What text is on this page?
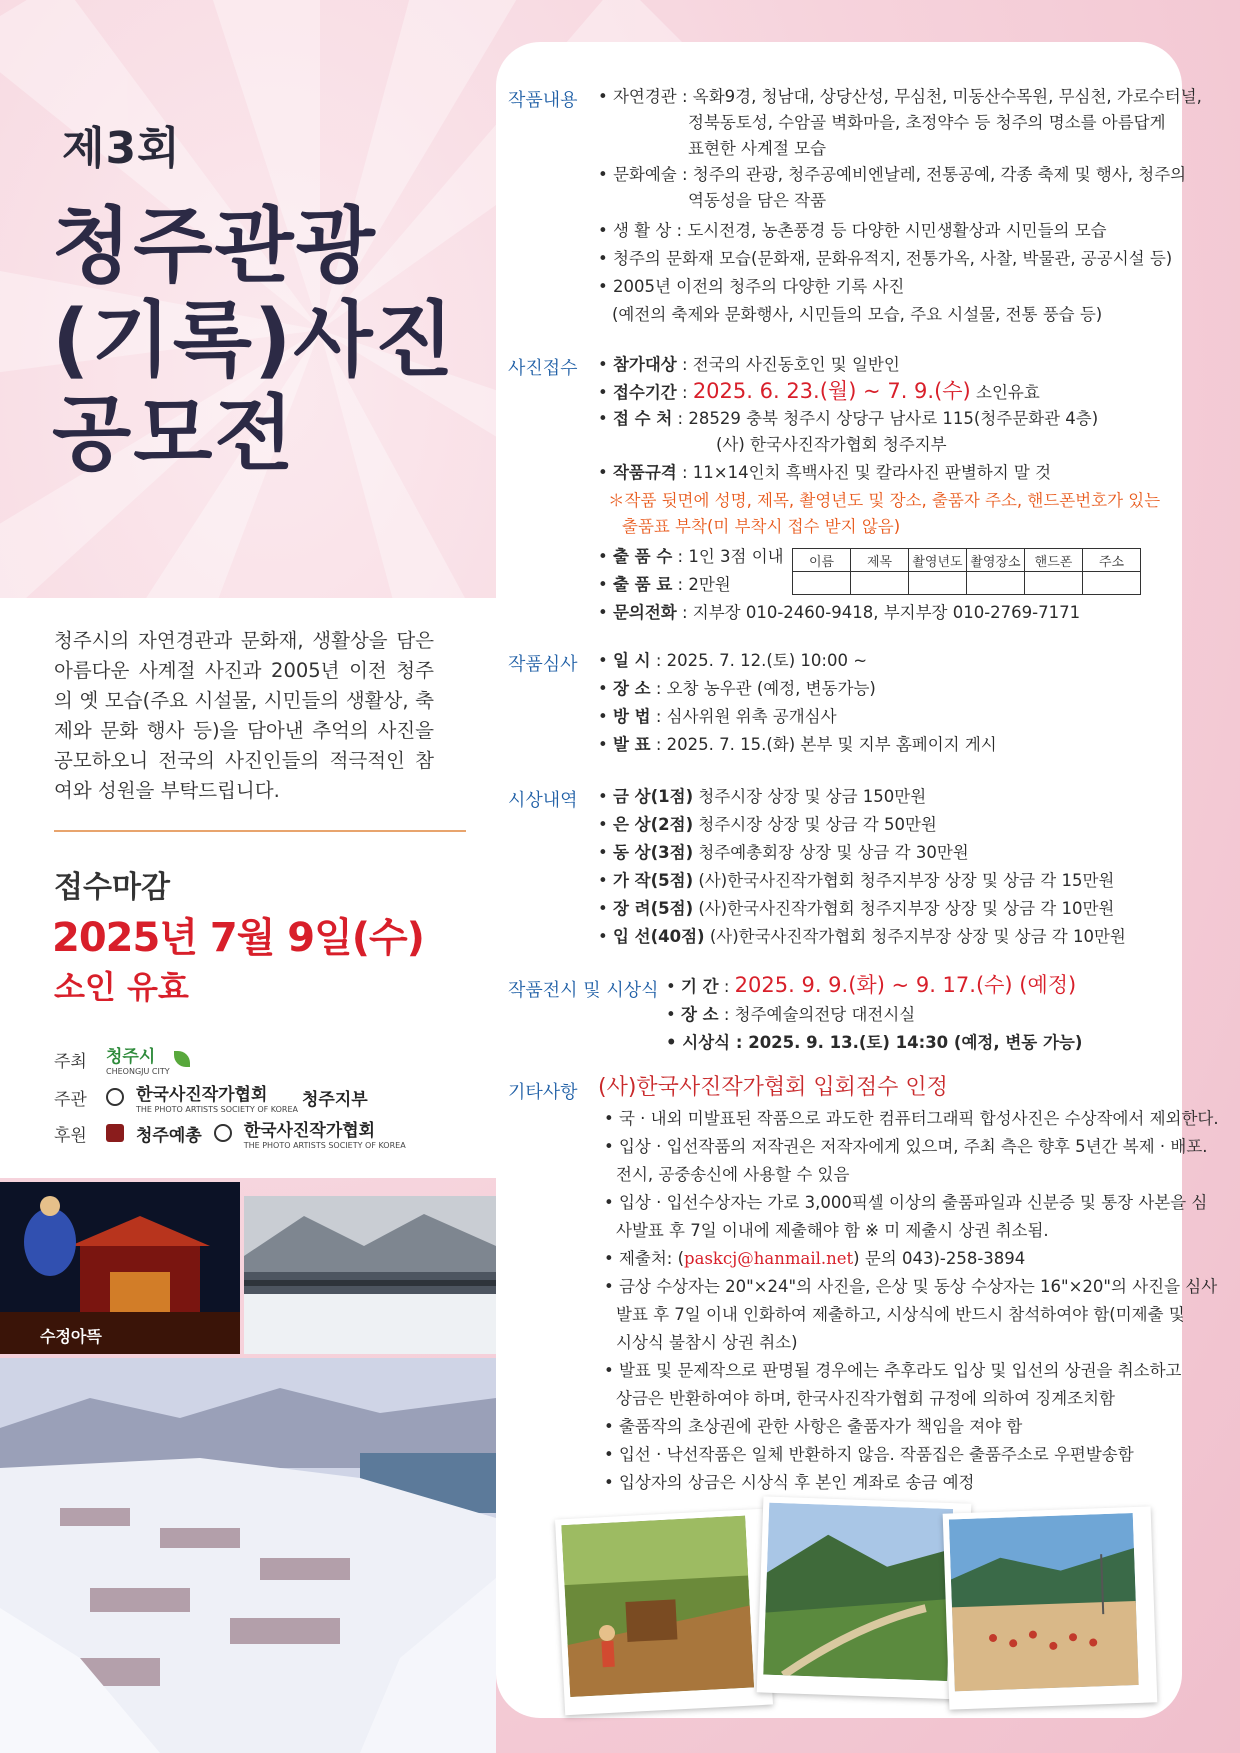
제3회
청주관광
(기록)사진
공모전
청주시의 자연경관과 문화재, 생활상을 담은 아름다운 사계절 사진과 2005년 이전 청주의 옛 모습(주요 시설물, 시민들의 생활상, 축제와 문화 행사 등)을 담아낸 추억의 사진을 공모하오니 전국의 사진인들의 적극적인 참여와 성원을 부탁드립니다.
접수마감
2025년 7월 9일(수)
소인 유효
주최	청주시
CHEONGJU CITY
주관	한국사진작가협회
THE PHOTO ARTISTS SOCIETY OF KOREA 청주지부
후원	청주예총 한국사진작가협회
THE PHOTO ARTISTS SOCIETY OF KOREA
수정아뜩
작품내용 • 자연경관 : 옥화9경, 청남대, 상당산성, 무심천, 미동산수목원, 무심천, 가로수터널,
정북동토성, 수암골 벽화마을, 초정약수 등 청주의 명소를 아름답게
표현한 사계절 모습
• 문화예술 : 청주의 관광, 청주공예비엔날레, 전통공예, 각종 축제 및 행사, 청주의
역동성을 담은 작품
• 생 활 상 : 도시전경, 농촌풍경 등 다양한 시민생활상과 시민들의 모습
• 청주의 문화재 모습(문화재, 문화유적지, 전통가옥, 사찰, 박물관, 공공시설 등)
• 2005년 이전의 청주의 다양한 기록 사진
(예전의 축제와 문화행사, 시민들의 모습, 주요 시설물, 전통 풍습 등)
사진접수 • 참가대상 : 전국의 사진동호인 및 일반인
• 접수기간 : 2025. 6. 23.(월) ~ 7. 9.(수) 소인유효
• 접 수 처 : 28529 충북 청주시 상당구 남사로 115(청주문화관 4층)
(사) 한국사진작가협회 청주지부
• 작품규격 : 11×14인치 흑백사진 및 칼라사진 판별하지 말 것
＊작품 뒷면에 성명, 제목, 촬영년도 및 장소, 출품자 주소, 핸드폰번호가 있는
출품표 부착(미 부착시 접수 받지 않음)
• 출 품 수 : 1인 3점 이내
• 출 품 료 : 2만원
• 문의전화 : 지부장 010-2460-9418, 부지부장 010-2769-7171
이름	제목	촬영년도	촬영장소	핸드폰	주소

작품심사 • 일 시 : 2025. 7. 12.(토) 10:00 ~
• 장 소 : 오창 농우관 (예정, 변동가능)
• 방 법 : 심사위원 위촉 공개심사
• 발 표 : 2025. 7. 15.(화) 본부 및 지부 홈페이지 게시
시상내역 • 금 상(1점) 청주시장 상장 및 상금 150만원
• 은 상(2점) 청주시장 상장 및 상금 각 50만원
• 동 상(3점) 청주예총회장 상장 및 상금 각 30만원
• 가 작(5점) (사)한국사진작가협회 청주지부장 상장 및 상금 각 15만원
• 장 려(5점) (사)한국사진작가협회 청주지부장 상장 및 상금 각 10만원
• 입 선(40점) (사)한국사진작가협회 청주지부장 상장 및 상금 각 10만원
작품전시 및 시상식 • 기 간 : 2025. 9. 9.(화) ~ 9. 17.(수) (예정)
• 장 소 : 청주예술의전당 대전시실
• 시상식 : 2025. 9. 13.(토) 14:30 (예정, 변동 가능)
기타사항 (사)한국사진작가협회 입회점수 인정
• 국 · 내외 미발표된 작품으로 과도한 컴퓨터그래픽 합성사진은 수상작에서 제외한다.
• 입상 · 입선작품의 저작권은 저작자에게 있으며, 주최 측은 향후 5년간 복제 · 배포.
전시, 공중송신에 사용할 수 있음
• 입상 · 입선수상자는 가로 3,000픽셀 이상의 출품파일과 신분증 및 통장 사본을 심
사발표 후 7일 이내에 제출해야 함 ※ 미 제출시 상권 취소됨.
• 제출처: (paskcj@hanmail.net) 문의 043)-258-3894
• 금상 수상자는 20"×24"의 사진을, 은상 및 동상 수상자는 16"×20"의 사진을 심사
발표 후 7일 이내 인화하여 제출하고, 시상식에 반드시 참석하여야 함(미제출 및
시상식 불참시 상권 취소)
• 발표 및 문제작으로 판명될 경우에는 추후라도 입상 및 입선의 상권을 취소하고
상금은 반환하여야 하며, 한국사진작가협회 규정에 의하여 징계조치함
• 출품작의 초상권에 관한 사항은 출품자가 책임을 져야 함
• 입선 · 낙선작품은 일체 반환하지 않음. 작품집은 출품주소로 우편발송함
• 입상자의 상금은 시상식 후 본인 계좌로 송금 예정
